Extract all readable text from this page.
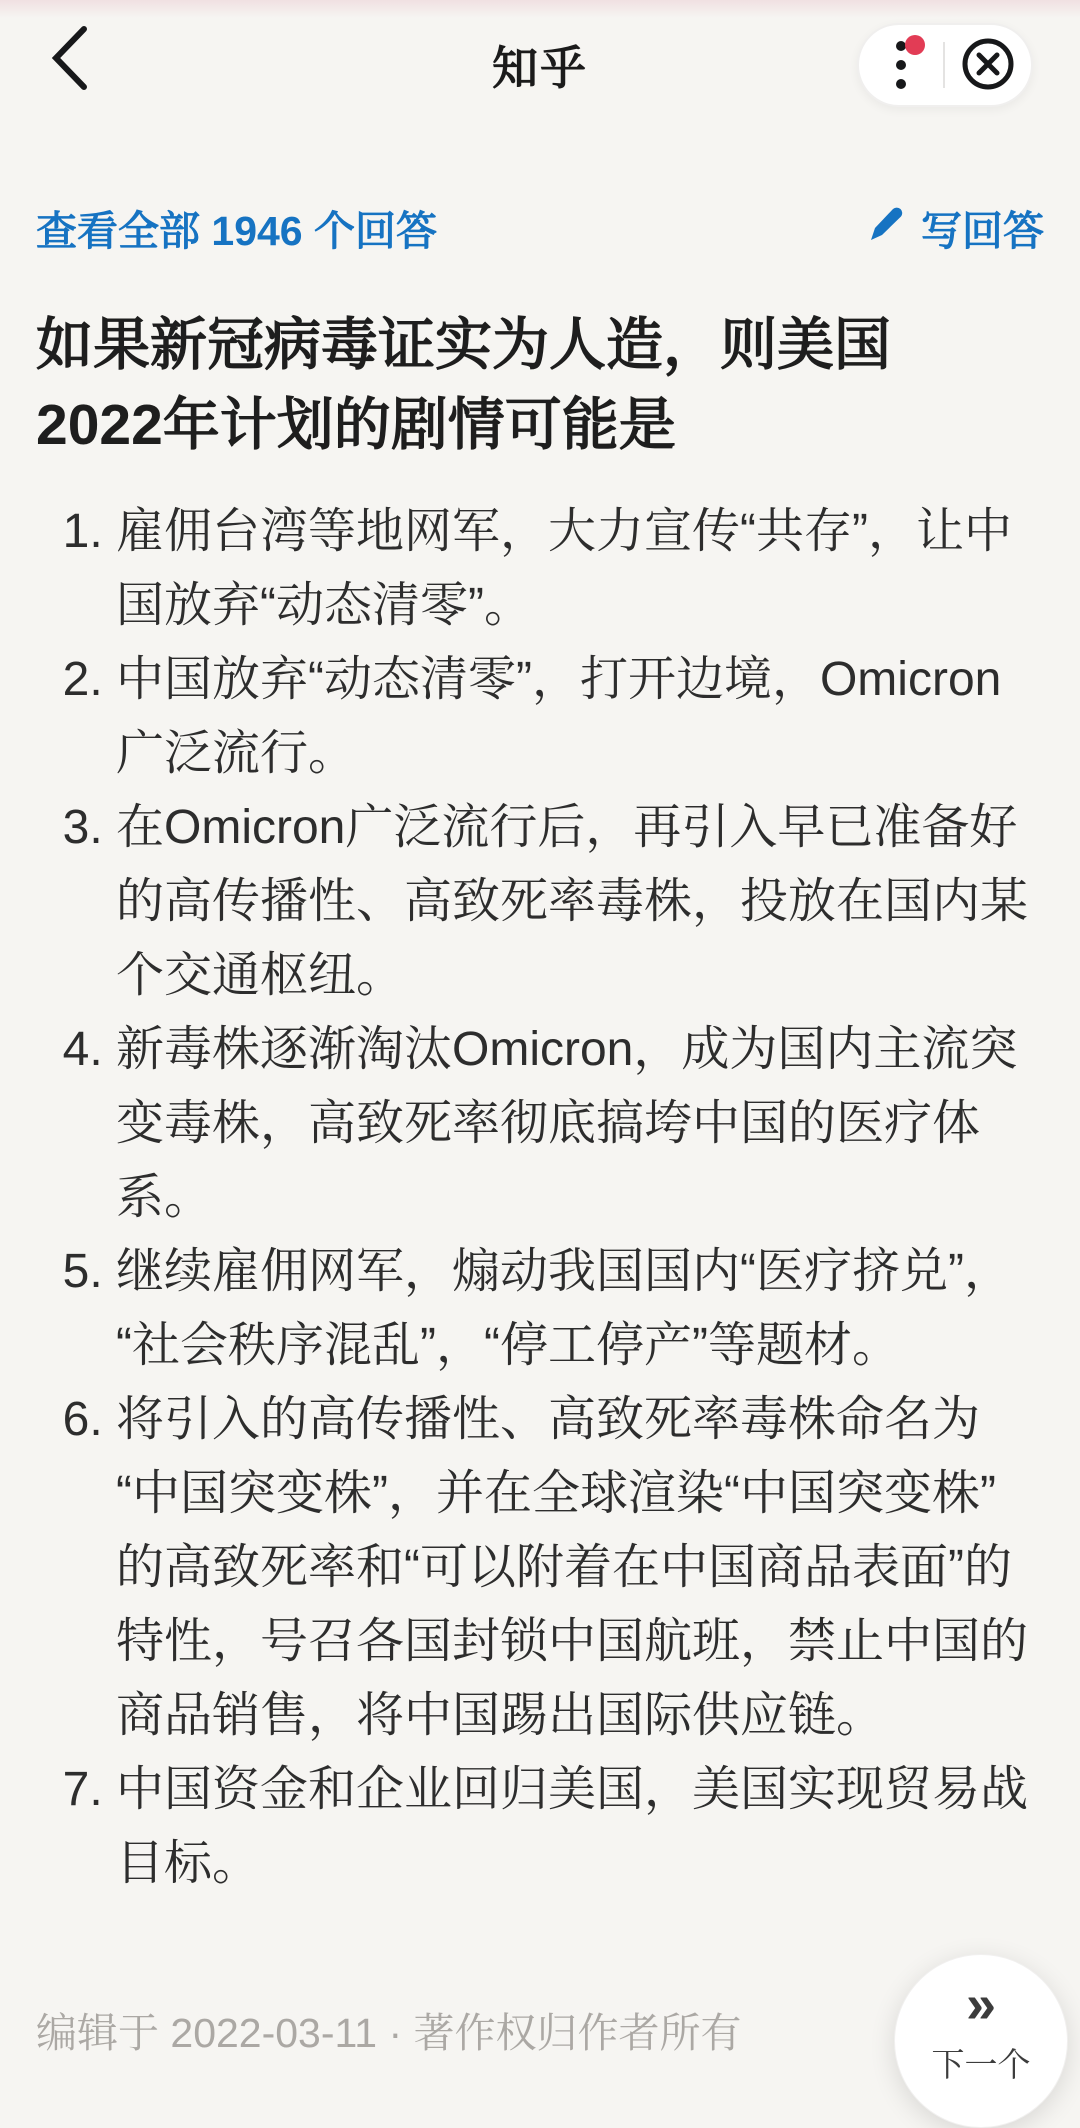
知乎
查看全部 1946 个回答	写回答
如果新冠病毒证实为人造，则美国2022年计划的剧情可能是
1. 雇佣台湾等地网军，大力宣传“共存”，让中国放弃“动态清零”。
2. 中国放弃“动态清零”，打开边境，Omicron广泛流行。
3. 在Omicron广泛流行后，再引入早已准备好的高传播性、高致死率毒株，投放在国内某个交通枢纽。
4. 新毒株逐渐淘汰Omicron，成为国内主流突变毒株，高致死率彻底搞垮中国的医疗体系。
5. 继续雇佣网军，煽动我国国内“医疗挤兑”，“社会秩序混乱”，“停工停产”等题材。
6. 将引入的高传播性、高致死率毒株命名为“中国突变株”，并在全球渲染“中国突变株”的高致死率和“可以附着在中国商品表面”的特性，号召各国封锁中国航班，禁止中国的商品销售，将中国踢出国际供应链。
7. 中国资金和企业回归美国，美国实现贸易战目标。
编辑于 2022-03-11 · 著作权归作者所有	»
下一个
